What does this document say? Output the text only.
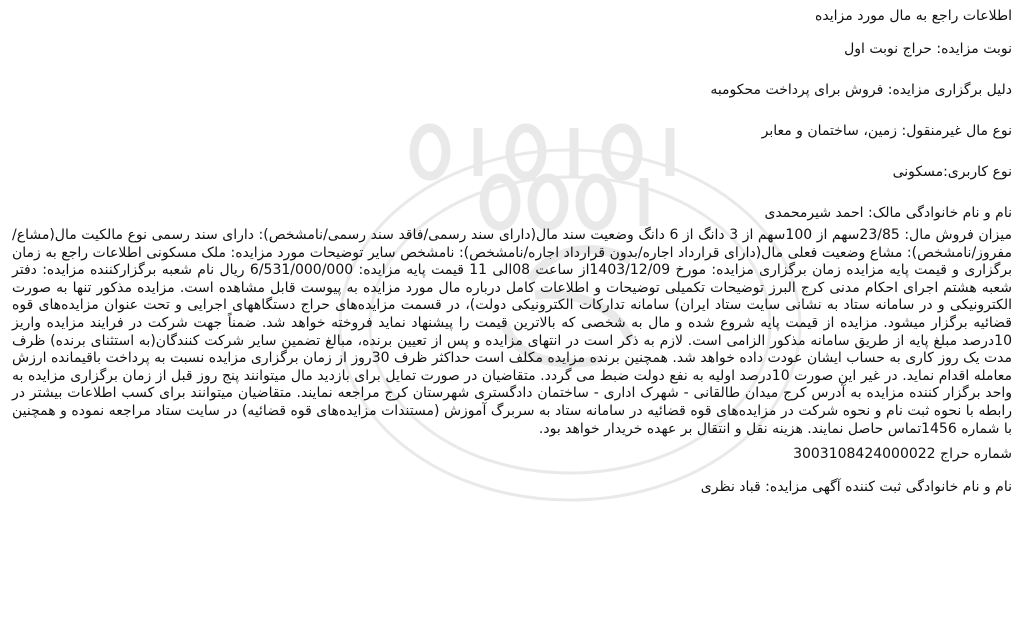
اطلاعات راجع به مال مورد مزایده
نوبت مزایده: حراج نوبت اول
دلیل برگزاری مزایده: فروش برای پرداخت محکومبه
نوع مال غیرمنقول: زمین، ساختمان و معابر
نوع کاربری:مسکونی
نام و نام خانوادگی مالک: احمد شیرمحمدی
میزان فروش مال: 23/85سهم از 100سهم از 3 دانگ از 6 دانگ وضعیت سند مال(دارای سند رسمی/فاقد سند رسمی/نامشخص): دارای سند رسمی نوع مالکیت مال(مشاع/مفروز/نامشخص): مشاع وضعیت فعلی مال(دارای قرارداد اجاره/بدون قرارداد اجاره/نامشخص): نامشخص سایر توضیحات مورد مزایده: ملک مسکونی اطلاعات راجع به زمان برگزاری و قیمت پایه مزایده زمان برگزاری مزایده: مورخ 1403/12/09از ساعت 08الی 11 قیمت پایه مزایده: 6/531/000/000 ریال نام شعبه برگزارکننده مزایده: دفتر شعبه هشتم اجرای احکام مدنی کرج البرز توضیحات تکمیلی توضیحات و اطلاعات کامل درباره مال مورد مزایده به پیوست قابل مشاهده است. مزایده مذکور تنها به صورت الکترونیکی و در سامانه ستاد به نشانی سایت ستاد ایران) سامانه تدارکات الکترونیکی دولت)، در قسمت مزایده‌های حراج دستگاههای اجرایی و تحت عنوان مزایده‌های قوه قضائیه برگزار میشود. مزایده از قیمت پایه شروع شده و مال به شخصی که بالاترین قیمت را پیشنهاد نماید فروخته خواهد شد. ضمناً جهت شرکت در فرایند مزایده واریز 10درصد مبلغ پایه از طریق سامانه مذکور الزامی است. لازم به ذکر است در انتهای مزایده و پس از تعیین برنده، مبالغ تضمین سایر شرکت کنندگان(به استثنای برنده) ظرف مدت یک روز کاری به حساب ایشان عودت داده خواهد شد. همچنین برنده مزایده مکلف است حداکثر ظرف 30روز از زمان برگزاری مزایده نسبت به پرداخت باقیمانده ارزش معامله اقدام نماید. در غیر این صورت 10درصد اولیه به نفع دولت ضبط می گردد. متقاضیان در صورت تمایل برای بازدید مال میتوانند پنج روز قبل از زمان برگزاری مزایده به واحد برگزار کننده مزایده به آدرس کرج میدان طالقانی - شهرک اداری - ساختمان دادگستری شهرستان کرج مراجعه نمایند. متقاضیان میتوانند برای کسب اطلاعات بیشتر در رابطه با نحوه ثبت نام و نحوه شرکت در مزایده‌های قوه قضائیه در سامانه ستاد به سربرگ آموزش (مستندات مزایده‌های قوه قضائیه) در سایت ستاد مراجعه نموده و همچنین با شماره 1456تماس حاصل نمایند. هزینه نقل و انتقال بر عهده خریدار خواهد بود.
شماره حراج 3003108424000022
نام و نام خانوادگی ثبت کننده آگهی مزایده: قباد نظری
